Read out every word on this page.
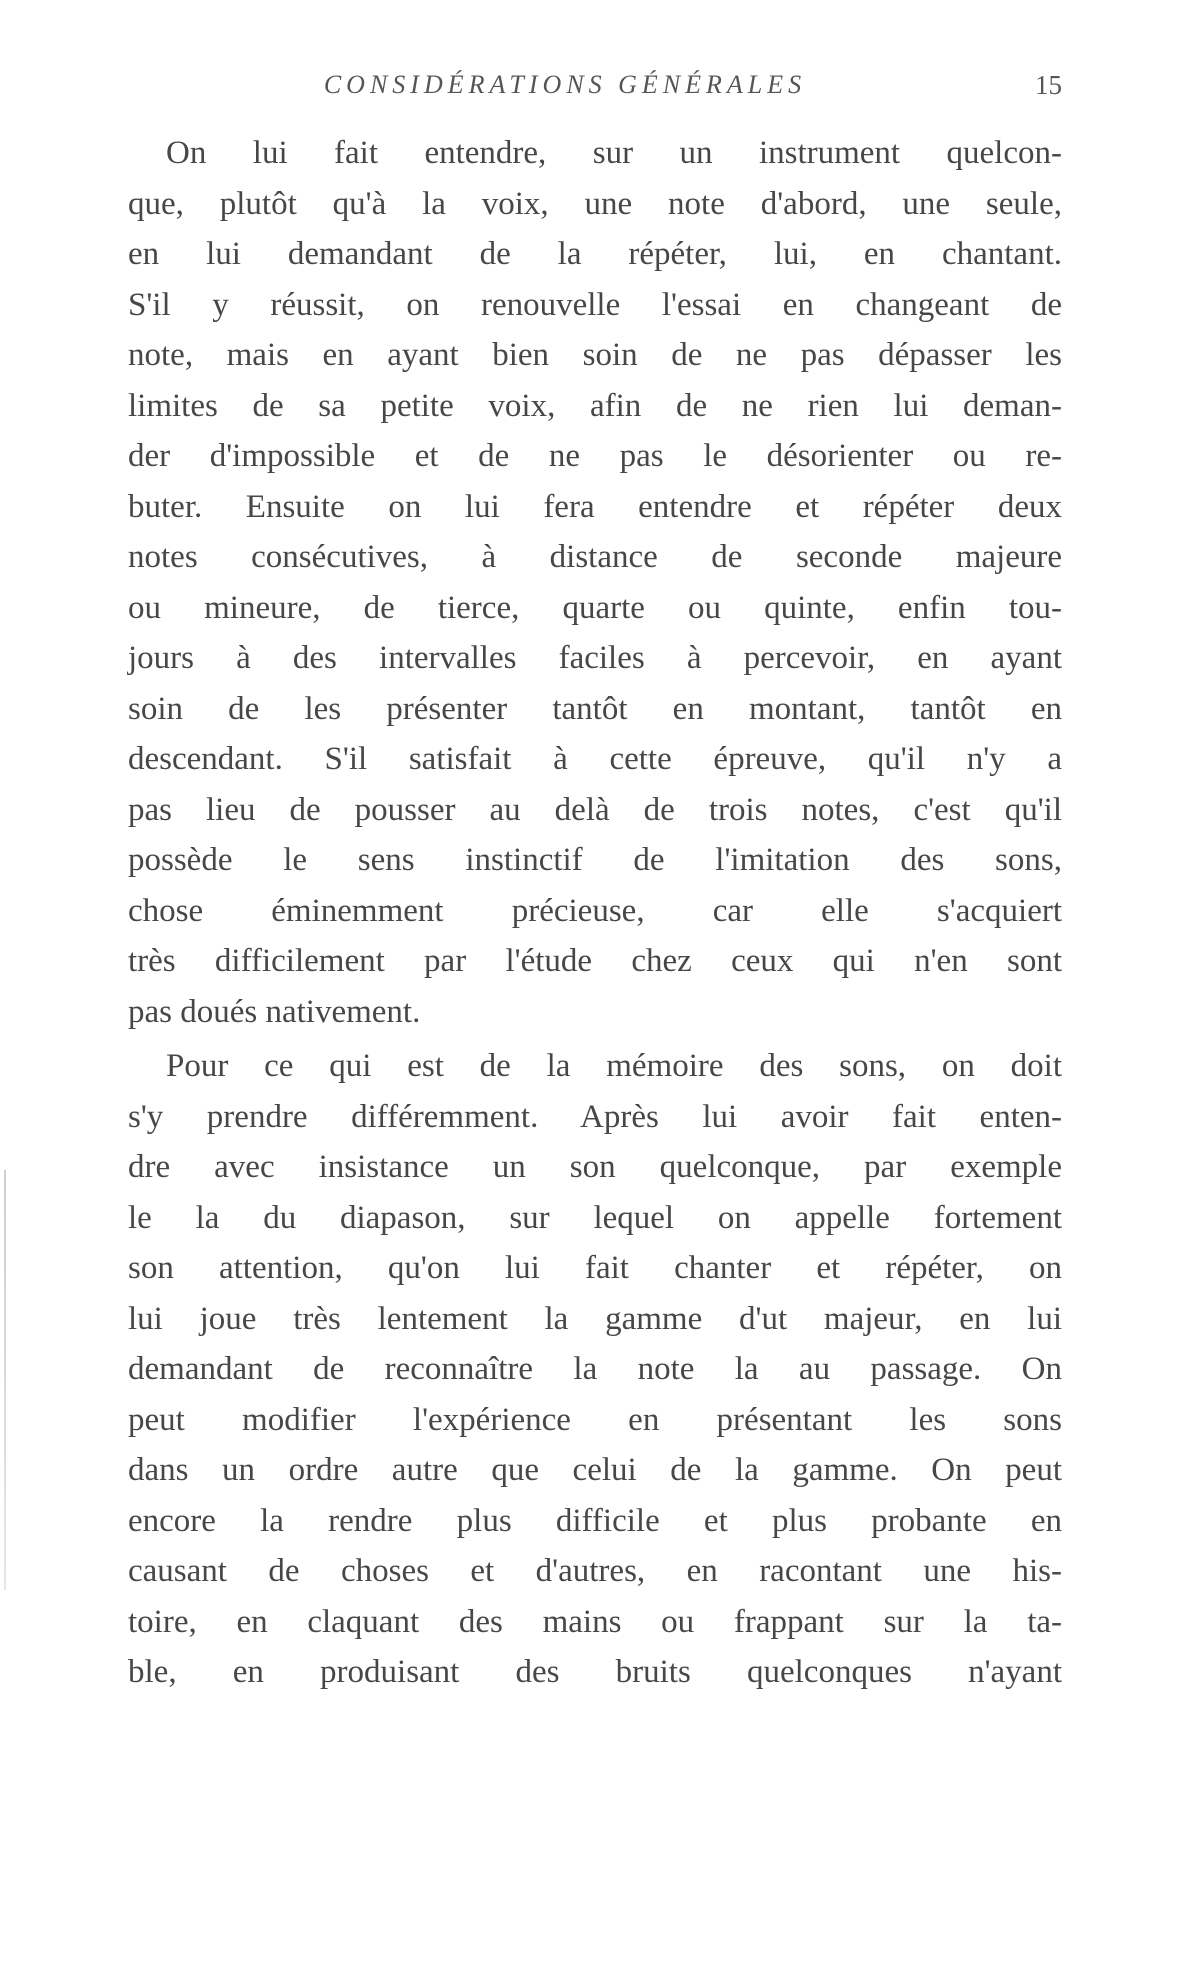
CONSIDÉRATIONS GÉNÉRALES	15
On lui fait entendre, sur un instrument quelcon-
que, plutôt qu'à la voix, une note d'abord, une seule,
en lui demandant de la répéter, lui, en chantant.
S'il y réussit, on renouvelle l'essai en changeant de
note, mais en ayant bien soin de ne pas dépasser les
limites de sa petite voix, afin de ne rien lui deman-
der d'impossible et de ne pas le désorienter ou re-
buter. Ensuite on lui fera entendre et répéter deux
notes consécutives, à distance de seconde majeure
ou mineure, de tierce, quarte ou quinte, enfin tou-
jours à des intervalles faciles à percevoir, en ayant
soin de les présenter tantôt en montant, tantôt en
descendant. S'il satisfait à cette épreuve, qu'il n'y a
pas lieu de pousser au delà de trois notes, c'est qu'il
possède le sens instinctif de l'imitation des sons,
chose éminemment précieuse, car elle s'acquiert
très difficilement par l'étude chez ceux qui n'en sont
pas doués nativement.
Pour ce qui est de la mémoire des sons, on doit
s'y prendre différemment. Après lui avoir fait enten-
dre avec insistance un son quelconque, par exemple
le la du diapason, sur lequel on appelle fortement
son attention, qu'on lui fait chanter et répéter, on
lui joue très lentement la gamme d'ut majeur, en lui
demandant de reconnaître la note la au passage. On
peut modifier l'expérience en présentant les sons
dans un ordre autre que celui de la gamme. On peut
encore la rendre plus difficile et plus probante en
causant de choses et d'autres, en racontant une his-
toire, en claquant des mains ou frappant sur la ta-
ble, en produisant des bruits quelconques n'ayant
